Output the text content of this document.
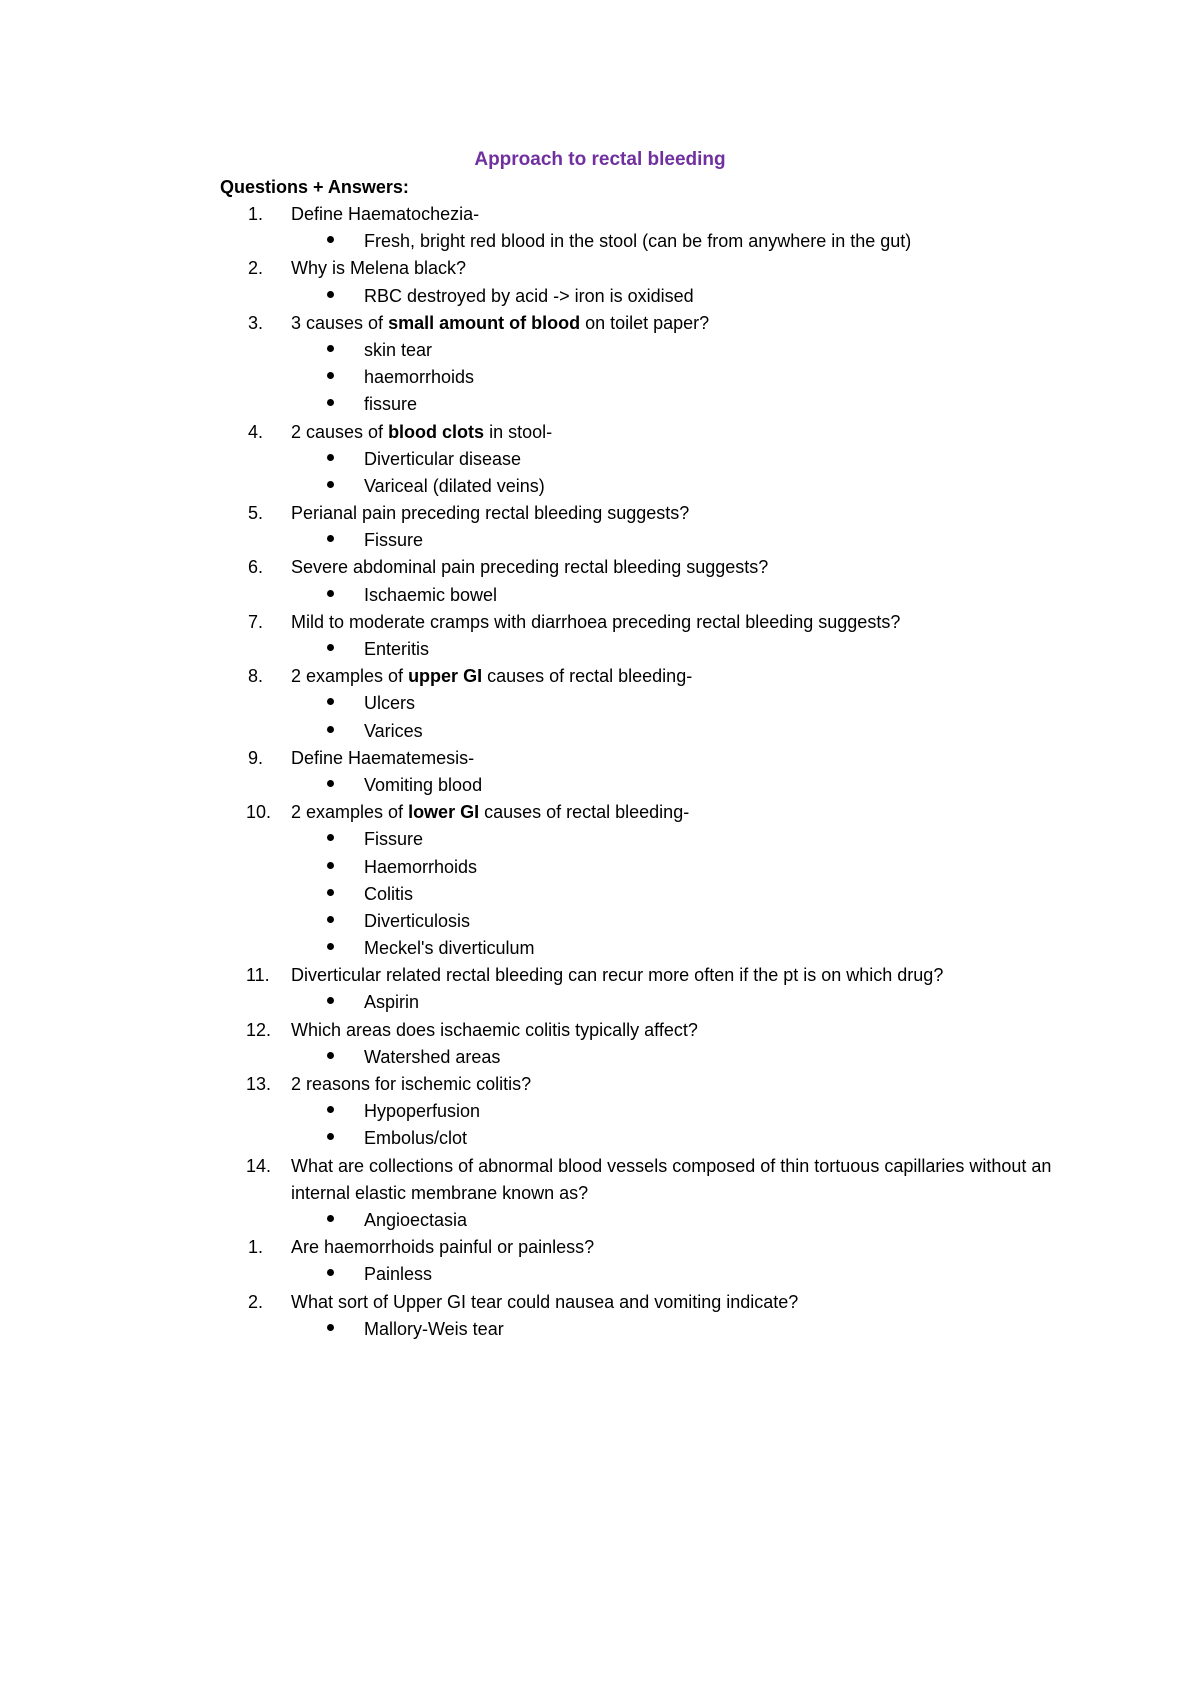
Approach to rectal bleeding
Questions + Answers:
1.	Define Haematochezia-
Fresh, bright red blood in the stool (can be from anywhere in the gut)
2.	Why is Melena black?
RBC destroyed by acid -> iron is oxidised
3.	3 causes of small amount of blood on toilet paper?
skin tear
haemorrhoids
fissure
4.	2 causes of blood clots in stool-
Diverticular disease
Variceal (dilated veins)
5.	Perianal pain preceding rectal bleeding suggests?
Fissure
6.	Severe abdominal pain preceding rectal bleeding suggests?
Ischaemic bowel
7.	Mild to moderate cramps with diarrhoea preceding rectal bleeding suggests?
Enteritis
8.	2 examples of upper GI causes of rectal bleeding-
Ulcers
Varices
9.	Define Haematemesis-
Vomiting blood
10.	2 examples of lower GI causes of rectal bleeding-
Fissure
Haemorrhoids
Colitis
Diverticulosis
Meckel's diverticulum
11.	Diverticular related rectal bleeding can recur more often if the pt is on which drug?
Aspirin
12.	Which areas does ischaemic colitis typically affect?
Watershed areas
13.	2 reasons for ischemic colitis?
Hypoperfusion
Embolus/clot
14.	What are collections of abnormal blood vessels composed of thin tortuous capillaries without an internal elastic membrane known as?
Angioectasia
1.	Are haemorrhoids painful or painless?
Painless
2.	What sort of Upper GI tear could nausea and vomiting indicate?
Mallory-Weis tear
